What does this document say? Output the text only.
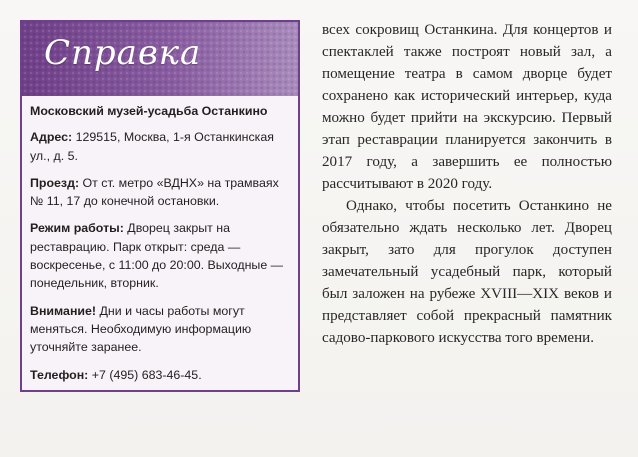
Справка

Московский музей-усадьба Останкино

Адрес: 129515, Москва, 1-я Останкинская ул., д. 5.

Проезд: От ст. метро «ВДНХ» на трамваях № 11, 17 до конечной остановки.

Режим работы: Дворец закрыт на реставрацию. Парк открыт: среда — воскресенье, с 11:00 до 20:00. Выходные — понедельник, вторник.

Внимание! Дни и часы работы могут меняться. Необходимую информацию уточняйте заранее.

Телефон: +7 (495) 683-46-45.

всех сокровищ Останкина. Для концертов и спектаклей также построят новый зал, а помещение театра в самом дворце будет сохранено как исторический интерьер, куда можно будет прийти на экскурсию. Первый этап реставрации планируется закончить в 2017 году, а завершить ее полностью рассчитывают в 2020 году.

Однако, чтобы посетить Останкино не обязательно ждать несколько лет. Дворец закрыт, зато для прогулок доступен замечательный усадебный парк, который был заложен на рубеже XVIII—XIX веков и представляет собой прекрасный памятник садово-паркового искусства того времени.
